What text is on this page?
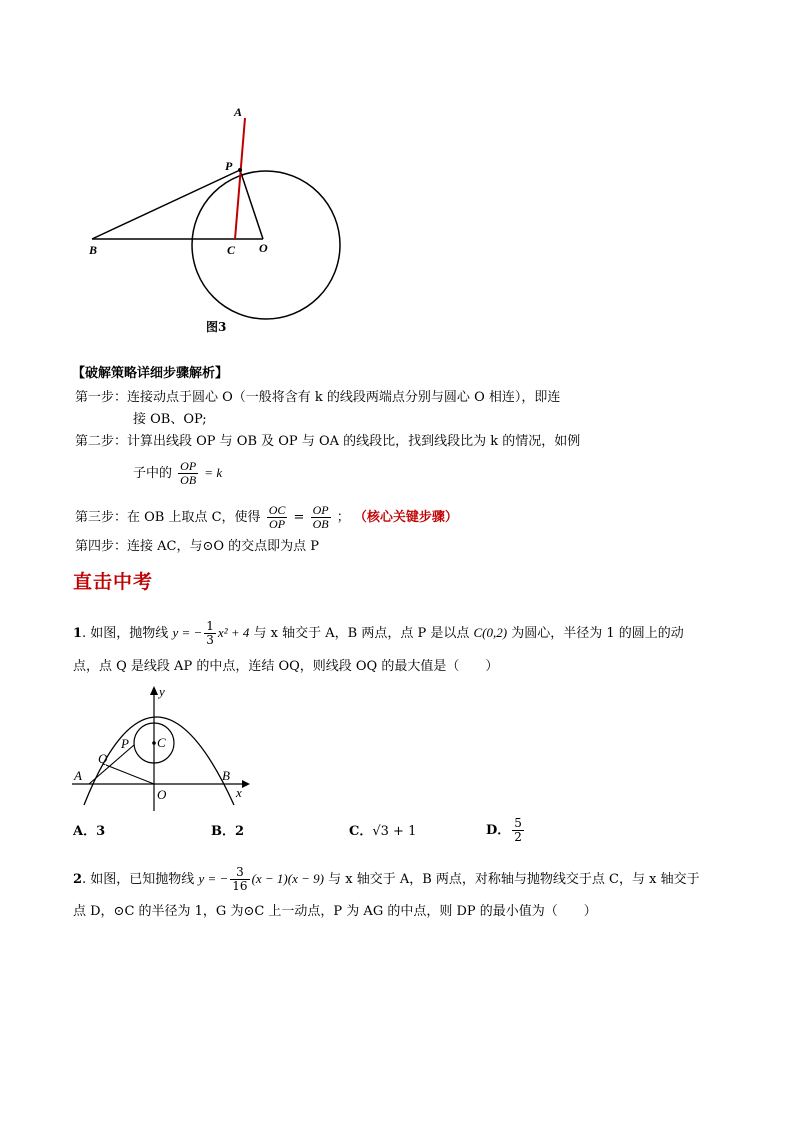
A
P
B	C O
图3
【破解策略详细步骤解析】
第一步：连接动点于圆心 O（一般将含有 k 的线段两端点分别与圆心 O 相连），即连
接 OB、OP;
第二步：计算出线段 OP 与 OB 及 OP 与 OA 的线段比，找到线段比为 k 的情况，如例
子中的 $\frac{OP}{OB} = k$
第三步：在 OB 上取点 C，使得 $\frac{OC}{OP} = \frac{OP}{OB}$ ； （核心关键步骤）
第四步：连接 AC，与⊙O 的交点即为点 P
直击中考
1. 如图，抛物线 y = − $\frac{1}{3} x^2 + 4$ 与 x 轴交于 A，B 两点，点 P 是以点 C(0,2) 为圆心，半径为 1 的圆上的动
点，点 Q 是线段 AP 的中点，连结 OQ，则线段 OQ 的最大值是（　　）
y
x
O
A	B
C
P
Q
A．3	B．2	C．√3 + 1	D． $\frac{5}{2}$
2. 如图，已知抛物线 y = − $\frac{3}{16} (x - 1)(x - 9)$ 与 x 轴交于 A，B 两点，对称轴与抛物线交于点 C，与 x 轴交于
点 D，⊙C 的半径为 1，G 为⊙C 上一动点，P 为 AG 的中点，则 DP 的最小值为（　　）
